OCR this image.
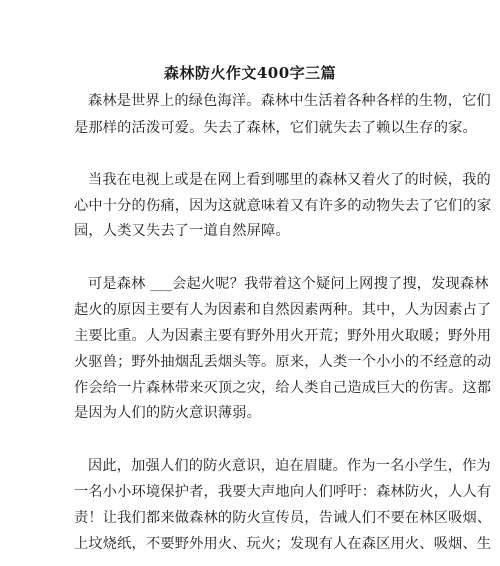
森林防火作文400字三篇
森林是世界上的绿色海洋。森林中生活着各种各样的生物，它们
是那样的活泼可爱。失去了森林，它们就失去了赖以生存的家。
当我在电视上或是在网上看到哪里的森林又着火了的时候，我的
心中十分的伤痛，因为这就意味着又有许多的动物失去了它们的家
园，人类又失去了一道自然屏障。
可是森林 ___会起火呢？我带着这个疑问上网搜了搜，发现森林
起火的原因主要有人为因素和自然因素两种。其中，人为因素占了
主要比重。人为因素主要有野外用火开荒；野外用火取暖；野外用
火驱兽；野外抽烟乱丢烟头等。原来，人类一个小小的不经意的动
作会给一片森林带来灭顶之灾，给人类自己造成巨大的伤害。这都
是因为人们的防火意识薄弱。
因此，加强人们的防火意识，迫在眉睫。作为一名小学生，作为
一名小小环境保护者，我要大声地向人们呼吁：森林防火，人人有
责！让我们都来做森林的防火宣传员，告诫人们不要在林区吸烟、
上坟烧纸，不要野外用火、玩火；发现有人在森区用火、吸烟、生
